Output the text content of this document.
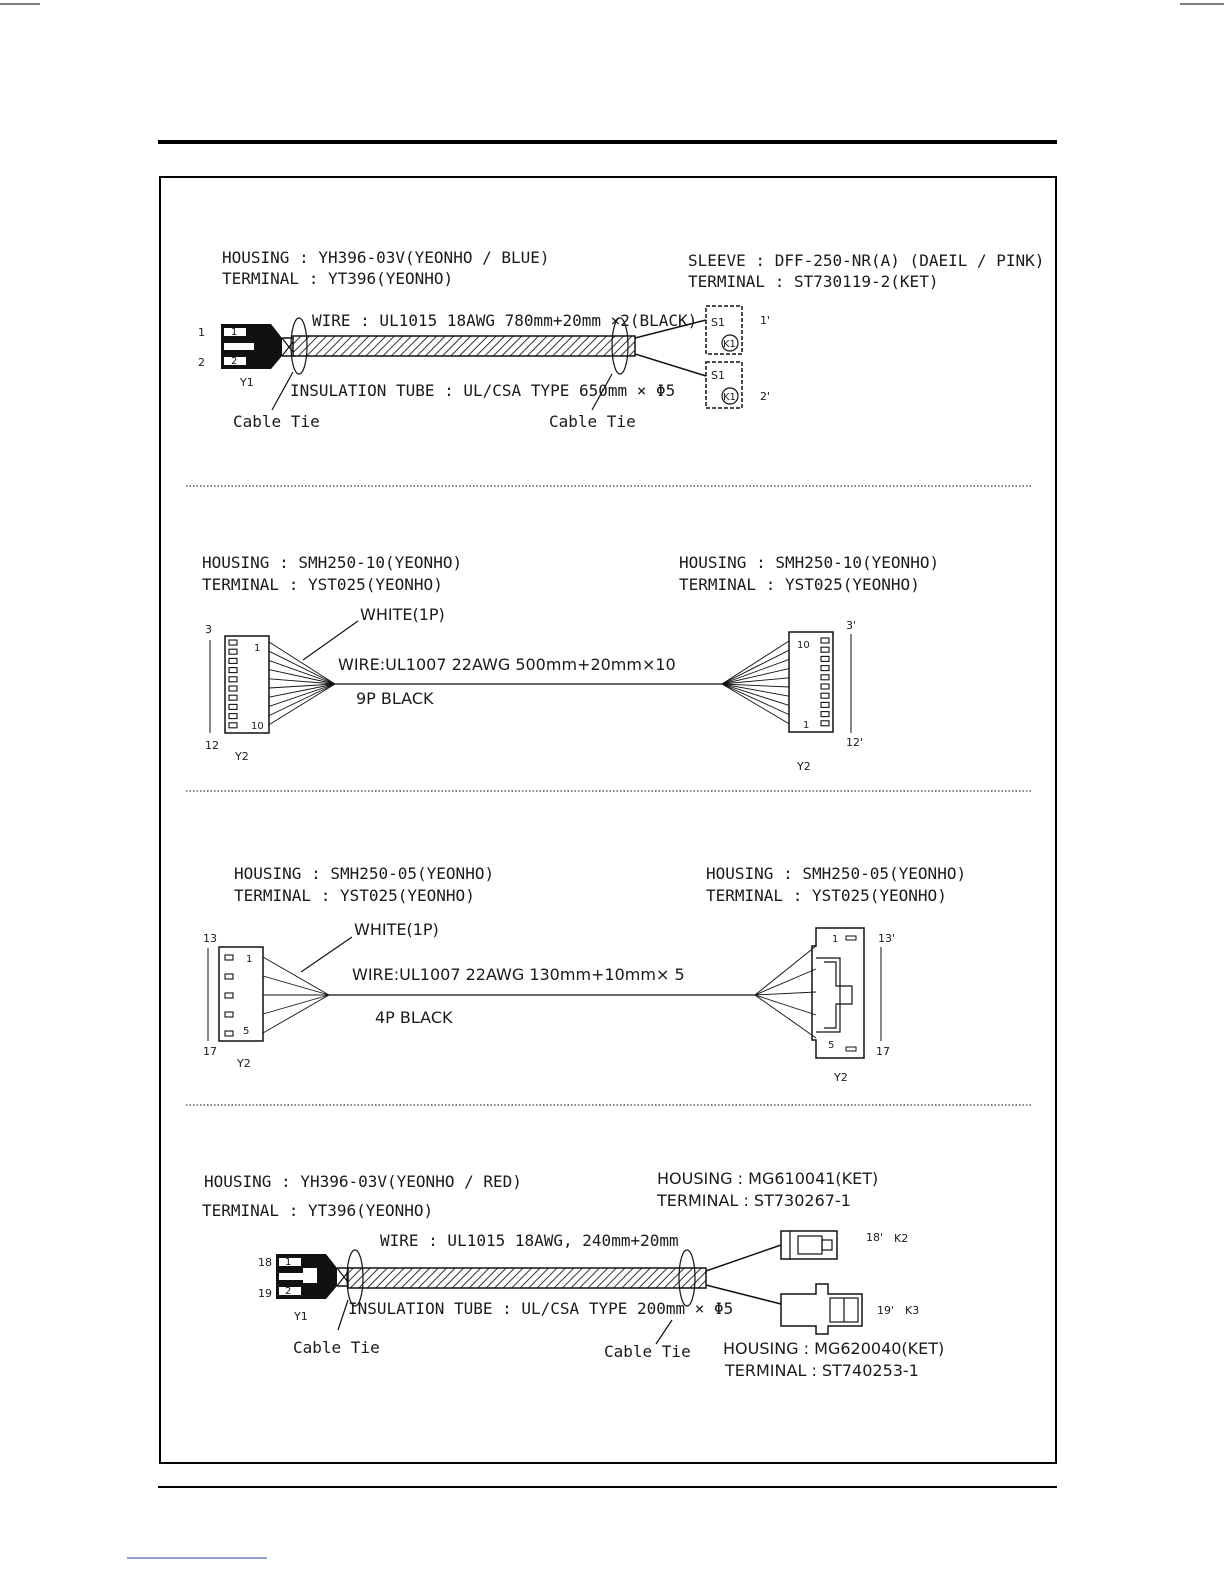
HOUSING : YH396-03V(YEONHO / BLUE)
TERMINAL : YT396(YEONHO)
SLEEVE : DFF-250-NR(A) (DAEIL / PINK)
TERMINAL : ST730119-2(KET)
1
2
1
2
Y1
WIRE : UL1015 18AWG 780mm+20mm ×2(BLACK)
INSULATION TUBE : UL/CSA TYPE 650mm × Φ5
Cable Tie	Cable Tie
S1
K1
S1
K1
1'
2'
HOUSING : SMH250-10(YEONHO)
TERMINAL : YST025(YEONHO)
HOUSING : SMH250-10(YEONHO)
TERMINAL : YST025(YEONHO)
3
12
1
10
Y2
10
1
3'
12'
Y2
WHITE(1P)
WIRE:UL1007 22AWG 500mm+20mm×10
9P BLACK
HOUSING : SMH250-05(YEONHO)
TERMINAL : YST025(YEONHO)
HOUSING : SMH250-05(YEONHO)
TERMINAL : YST025(YEONHO)
13
17
1
5
Y2
1
5
13'
17
Y2
WHITE(1P)
WIRE:UL1007 22AWG 130mm+10mm× 5
4P BLACK
HOUSING : YH396-03V(YEONHO / RED)
TERMINAL : YT396(YEONHO)
HOUSING : MG610041(KET)
TERMINAL : ST730267-1
18
19
1
2
Y1
WIRE : UL1015 18AWG, 240mm+20mm
INSULATION TUBE : UL/CSA TYPE 200mm × Φ5
Cable Tie	Cable Tie
18' K2
19' K3
HOUSING : MG620040(KET)
TERMINAL : ST740253-1
